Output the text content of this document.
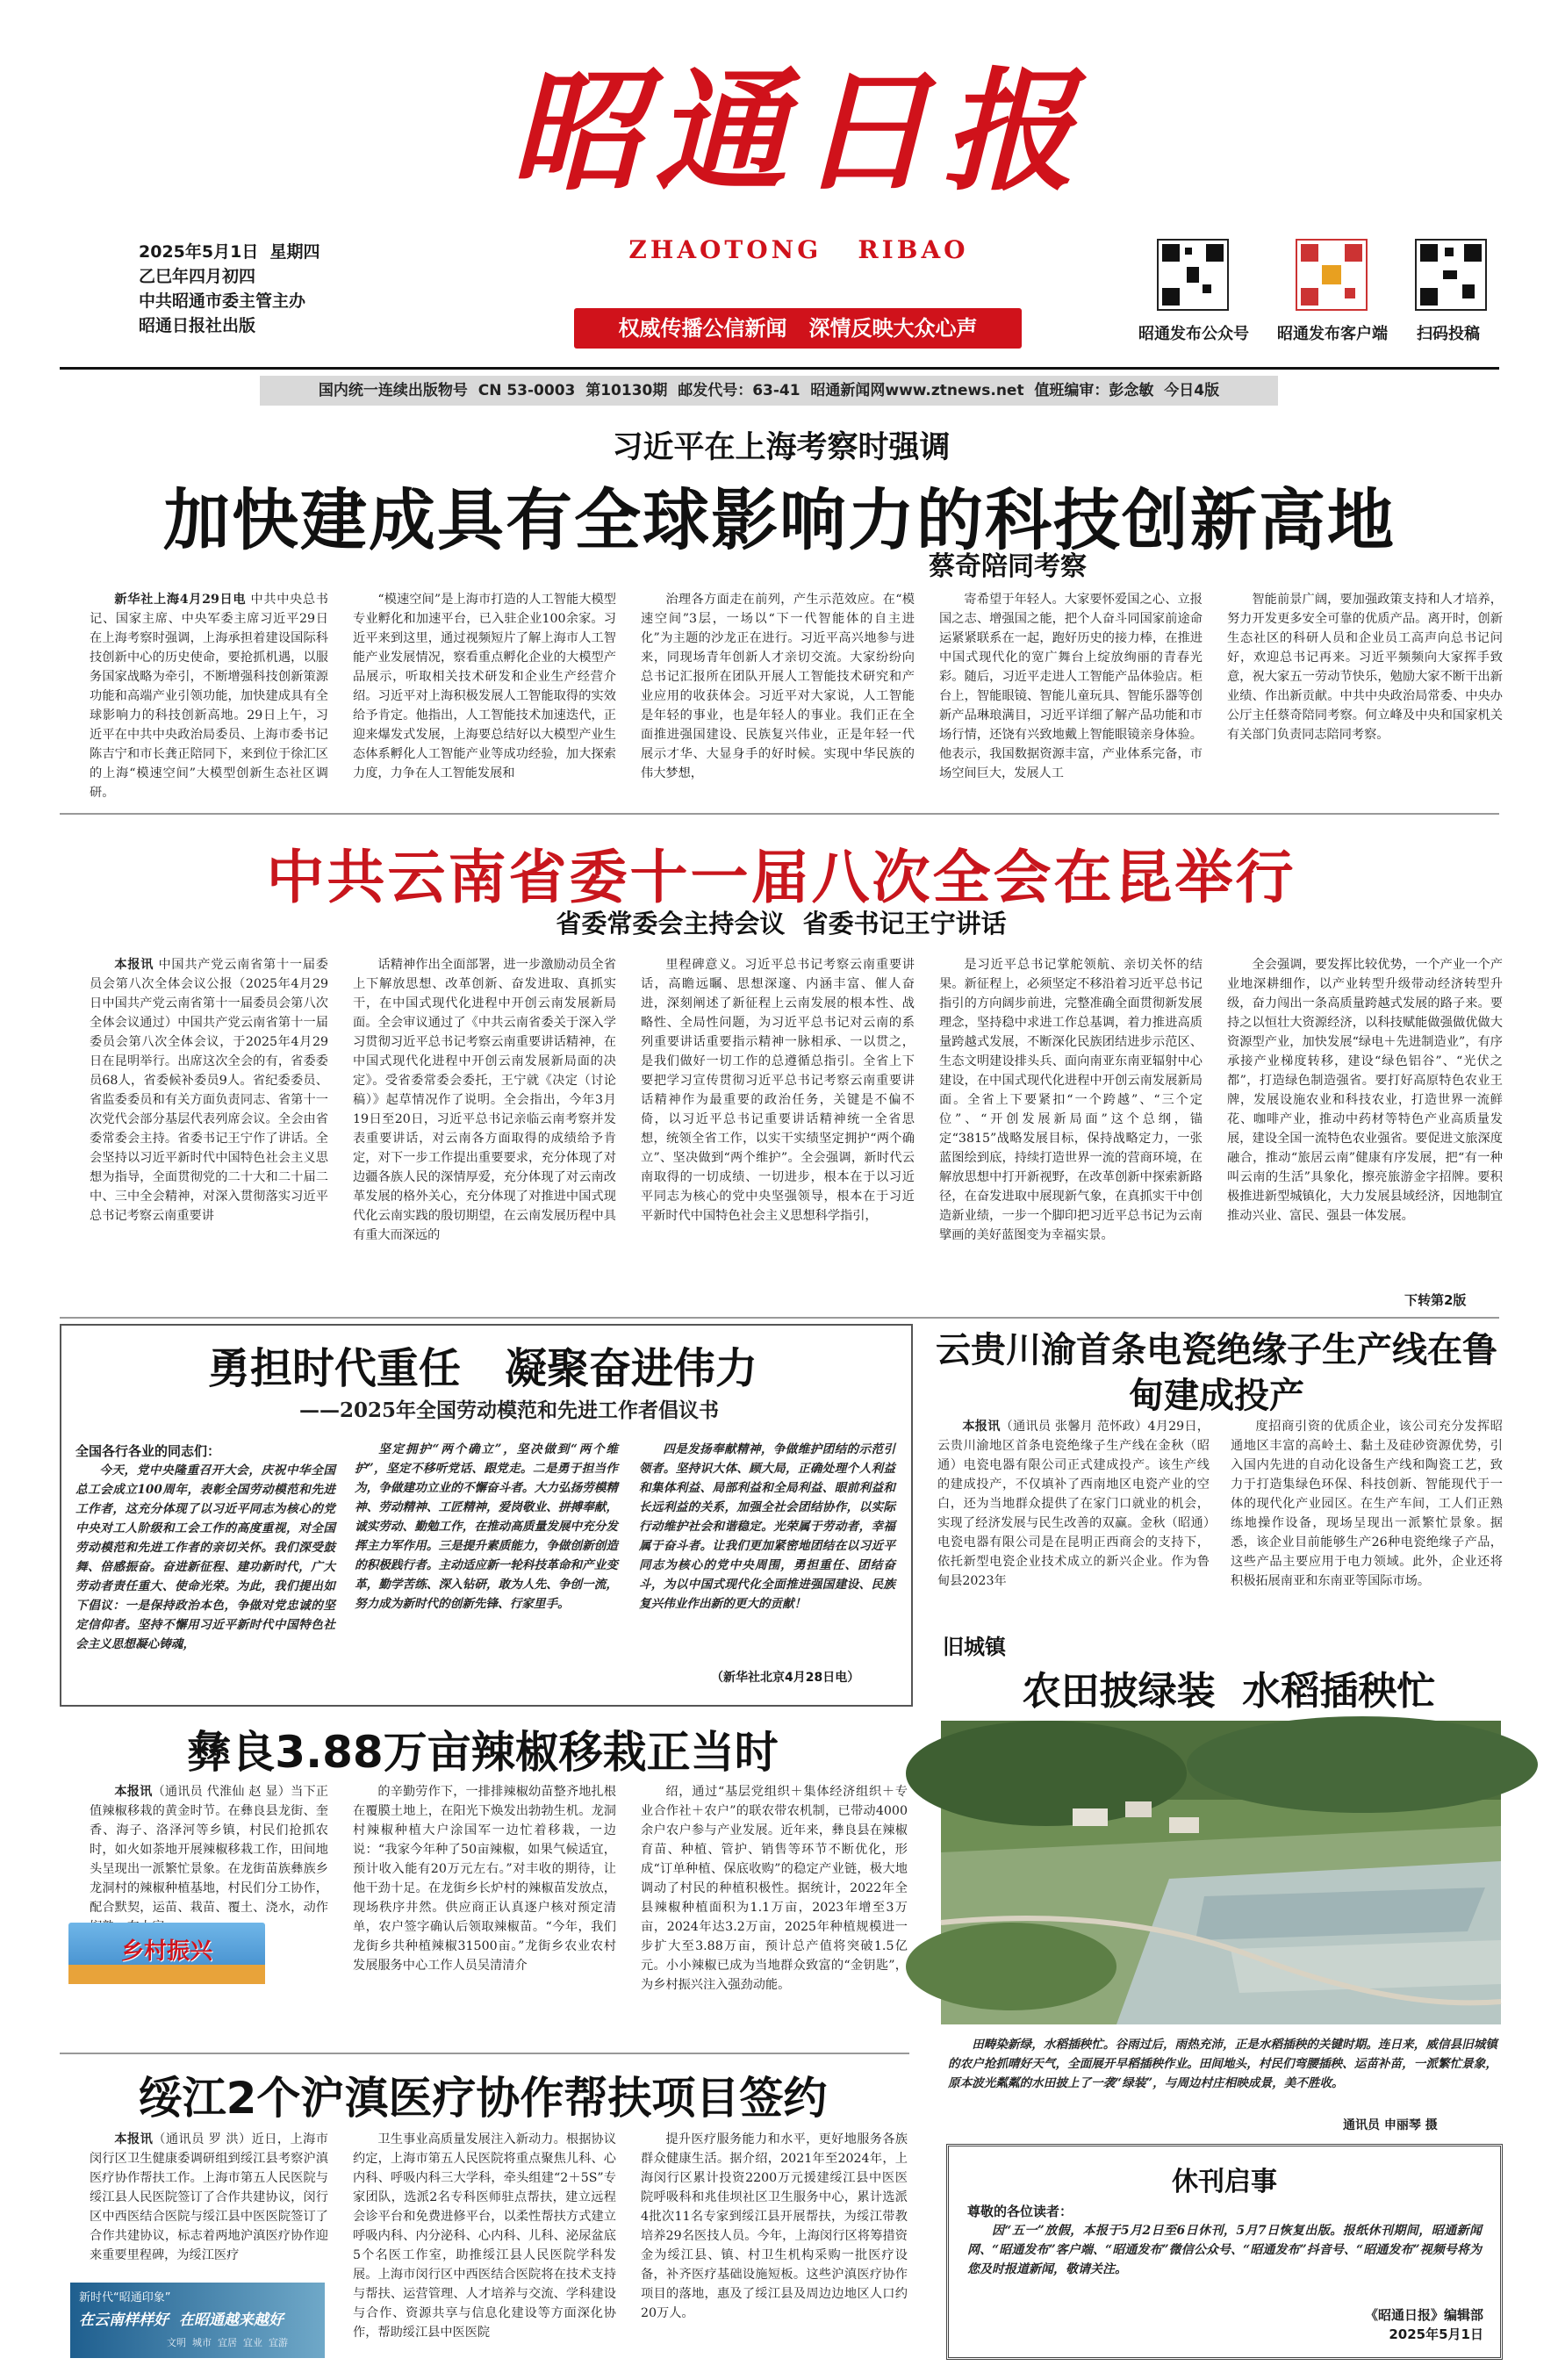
昭通日报
ZHAOTONG   RIBAO
2025年5月1日  星期四
乙巳年四月初四
中共昭通市委主管主办
昭通日报社出版	权威传播公信新闻   深情反映大众心声	昭通发布公众号	昭通发布客户端	扫码投稿
国内统一连续出版物号  CN 53-0003  第10130期  邮发代号：63-41  昭通新闻网www.ztnews.net  值班编审：彭念敏  今日4版
习近平在上海考察时强调
加快建成具有全球影响力的科技创新高地
蔡奇陪同考察

新华社上海4月29日电 中共中央总书记、国家主席、中央军委主席习近平29日在上海考察时强调，上海承担着建设国际科技创新中心的历史使命，要抢抓机遇，以服务国家战略为牵引，不断增强科技创新策源功能和高端产业引领功能，加快建成具有全球影响力的科技创新高地。29日上午，习近平在中共中央政治局委员、上海市委书记陈吉宁和市长龚正陪同下，来到位于徐汇区的上海“模速空间”大模型创新生态社区调研。

“模速空间”是上海市打造的人工智能大模型专业孵化和加速平台，已入驻企业100余家。习近平来到这里，通过视频短片了解上海市人工智能产业发展情况，察看重点孵化企业的大模型产品展示，听取相关技术研发和企业生产经营介绍。习近平对上海积极发展人工智能取得的实效给予肯定。他指出，人工智能技术加速迭代，正迎来爆发式发展，上海要总结好以大模型产业生态体系孵化人工智能产业等成功经验，加大探索力度，力争在人工智能发展和

治理各方面走在前列，产生示范效应。在“模速空间”3层，一场以“下一代智能体的自主进化”为主题的沙龙正在进行。习近平高兴地参与进来，同现场青年创新人才亲切交流。大家纷纷向总书记汇报所在团队开展人工智能技术研究和产业应用的收获体会。习近平对大家说，人工智能是年轻的事业，也是年轻人的事业。我们正在全面推进强国建设、民族复兴伟业，正是年轻一代展示才华、大显身手的好时候。实现中华民族的伟大梦想，

寄希望于年轻人。大家要怀爱国之心、立报国之志、增强国之能，把个人奋斗同国家前途命运紧紧联系在一起，跑好历史的接力棒，在推进中国式现代化的宽广舞台上绽放绚丽的青春光彩。随后，习近平走进人工智能产品体验店。柜台上，智能眼镜、智能儿童玩具、智能乐器等创新产品琳琅满目，习近平详细了解产品功能和市场行情，还饶有兴致地戴上智能眼镜亲身体验。他表示，我国数据资源丰富，产业体系完备，市场空间巨大，发展人工

智能前景广阔，要加强政策支持和人才培养，努力开发更多安全可靠的优质产品。离开时，创新生态社区的科研人员和企业员工高声向总书记问好，欢迎总书记再来。习近平频频向大家挥手致意，祝大家五一劳动节快乐，勉励大家不断干出新业绩、作出新贡献。中共中央政治局常委、中央办公厅主任蔡奇陪同考察。何立峰及中央和国家机关有关部门负责同志陪同考察。

中共云南省委十一届八次全会在昆举行
省委常委会主持会议  省委书记王宁讲话

本报讯 中国共产党云南省第十一届委员会第八次全体会议公报（2025年4月29日中国共产党云南省第十一届委员会第八次全体会议通过）中国共产党云南省第十一届委员会第八次全体会议，于2025年4月29日在昆明举行。出席这次全会的有，省委委员68人，省委候补委员9人。省纪委委员、省监委委员和有关方面负责同志、省第十一次党代会部分基层代表列席会议。全会由省委常委会主持。省委书记王宁作了讲话。全会坚持以习近平新时代中国特色社会主义思想为指导，全面贯彻党的二十大和二十届二中、三中全会精神，对深入贯彻落实习近平总书记考察云南重要讲

话精神作出全面部署，进一步激励动员全省上下解放思想、改革创新、奋发进取、真抓实干，在中国式现代化进程中开创云南发展新局面。全会审议通过了《中共云南省委关于深入学习贯彻习近平总书记考察云南重要讲话精神，在中国式现代化进程中开创云南发展新局面的决定》。受省委常委会委托，王宁就《决定（讨论稿）》起草情况作了说明。全会指出，今年3月19日至20日，习近平总书记亲临云南考察并发表重要讲话，对云南各方面取得的成绩给予肯定，对下一步工作提出重要要求，充分体现了对边疆各族人民的深情厚爱，充分体现了对云南改革发展的格外关心，充分体现了对推进中国式现代化云南实践的殷切期望，在云南发展历程中具有重大而深远的

里程碑意义。习近平总书记考察云南重要讲话，高瞻远瞩、思想深邃、内涵丰富、催人奋进，深刻阐述了新征程上云南发展的根本性、战略性、全局性问题，为习近平总书记对云南的系列重要讲话重要指示精神一脉相承、一以贯之，是我们做好一切工作的总遵循总指引。全省上下要把学习宣传贯彻习近平总书记考察云南重要讲话精神作为最重要的政治任务，关键是不偏不倚，以习近平总书记重要讲话精神统一全省思想，统领全省工作，以实干实绩坚定拥护“两个确立”、坚决做到“两个维护”。全会强调，新时代云南取得的一切成绩、一切进步，根本在于以习近平同志为核心的党中央坚强领导，根本在于习近平新时代中国特色社会主义思想科学指引，

是习近平总书记掌舵领航、亲切关怀的结果。新征程上，必须坚定不移沿着习近平总书记指引的方向阔步前进，完整准确全面贯彻新发展理念，坚持稳中求进工作总基调，着力推进高质量跨越式发展，不断深化民族团结进步示范区、生态文明建设排头兵、面向南亚东南亚辐射中心建设，在中国式现代化进程中开创云南发展新局面。全省上下要紧扣“一个跨越”、“三个定位”、“开创发展新局面”这个总纲，锚定“3815”战略发展目标，保持战略定力，一张蓝图绘到底，持续打造世界一流的营商环境，在解放思想中打开新视野，在改革创新中探索新路径，在奋发进取中展现新气象，在真抓实干中创造新业绩，一步一个脚印把习近平总书记为云南擘画的美好蓝图变为幸福实景。

全会强调，要发挥比较优势，一个产业一个产业地深耕细作，以产业转型升级带动经济转型升级，奋力闯出一条高质量跨越式发展的路子来。要持之以恒壮大资源经济，以科技赋能做强做优做大资源型产业，加快发展“绿电＋先进制造业”，有序承接产业梯度转移，建设“绿色铝谷”、“光伏之都”，打造绿色制造强省。要打好高原特色农业王牌，发展设施农业和科技农业，打造世界一流鲜花、咖啡产业，推动中药材等特色产业高质量发展，建设全国一流特色农业强省。要促进文旅深度融合，推动“旅居云南”健康有序发展，把“有一种叫云南的生活”具象化，擦亮旅游金字招牌。要积极推进新型城镇化，大力发展县域经济，因地制宜推动兴业、富民、强县一体发展。

下转第2版
勇担时代重任   凝聚奋进伟力
——2025年全国劳动模范和先进工作者倡议书
全国各行各业的同志们：

今天，党中央隆重召开大会，庆祝中华全国总工会成立100周年，表彰全国劳动模范和先进工作者，这充分体现了以习近平同志为核心的党中央对工人阶级和工会工作的高度重视，对全国劳动模范和先进工作者的亲切关怀。我们深受鼓舞、倍感振奋。奋进新征程、建功新时代，广大劳动者责任重大、使命光荣。为此，我们提出如下倡议：一是保持政治本色，争做对党忠诚的坚定信仰者。坚持不懈用习近平新时代中国特色社会主义思想凝心铸魂，

坚定拥护“两个确立”，坚决做到“两个维护”，坚定不移听党话、跟党走。二是勇于担当作为，争做建功立业的不懈奋斗者。大力弘扬劳模精神、劳动精神、工匠精神，爱岗敬业、拼搏奉献，诚实劳动、勤勉工作，在推动高质量发展中充分发挥主力军作用。三是提升素质能力，争做创新创造的积极践行者。主动适应新一轮科技革命和产业变革，勤学苦练、深入钻研，敢为人先、争创一流，努力成为新时代的创新先锋、行家里手。

四是发扬奉献精神，争做维护团结的示范引领者。坚持识大体、顾大局，正确处理个人利益和集体利益、局部利益和全局利益、眼前利益和长远利益的关系，加强全社会团结协作，以实际行动维护社会和谐稳定。光荣属于劳动者，幸福属于奋斗者。让我们更加紧密地团结在以习近平同志为核心的党中央周围，勇担重任、团结奋斗，为以中国式现代化全面推进强国建设、民族复兴伟业作出新的更大的贡献！

（新华社北京4月28日电）
云贵川渝首条电瓷绝缘子生产线在鲁甸建成投产

本报讯（通讯员 张馨月 范怀政）4月29日，云贵川渝地区首条电瓷绝缘子生产线在金秋（昭通）电瓷电器有限公司正式建成投产。该生产线的建成投产，不仅填补了西南地区电瓷产业的空白，还为当地群众提供了在家门口就业的机会，实现了经济发展与民生改善的双赢。金秋（昭通）电瓷电器有限公司是在昆明正西商会的支持下，依托新型电瓷企业技术成立的新兴企业。作为鲁甸县2023年

度招商引资的优质企业，该公司充分发挥昭通地区丰富的高岭土、黏土及硅砂资源优势，引入国内先进的自动化设备生产线和陶瓷工艺，致力于打造集绿色环保、科技创新、智能现代于一体的现代化产业园区。在生产车间，工人们正熟练地操作设备，现场呈现出一派繁忙景象。据悉，该企业目前能够生产26种电瓷绝缘子产品，这些产品主要应用于电力领域。此外，企业还将积极拓展南亚和东南亚等国际市场。

旧城镇
农田披绿装  水稻插秧忙

田畴染新绿，水稻插秧忙。谷雨过后，雨热充沛，正是水稻插秧的关键时期。连日来，威信县旧城镇的农户抢抓晴好天气，全面展开早稻插秧作业。田间地头，村民们弯腰插秧、运苗补苗，一派繁忙景象，原本波光粼粼的水田披上了一袭“绿装”，与周边村庄相映成景，美不胜收。

通讯员 申丽琴 摄
彝良3.88万亩辣椒移栽正当时

本报讯（通讯员 代淮仙 赵 显）当下正值辣椒移栽的黄金时节。在彝良县龙街、奎香、海子、洛泽河等乡镇，村民们抢抓农时，如火如荼地开展辣椒移栽工作，田间地头呈现出一派繁忙景象。在龙街苗族彝族乡龙洞村的辣椒种植基地，村民们分工协作，配合默契，运苗、栽苗、覆土、浇水，动作

乡村振兴

的辛勤劳作下，一排排辣椒幼苗整齐地扎根在覆膜土地上，在阳光下焕发出勃勃生机。龙洞村辣椒种植大户涂国军一边忙着移栽，一边说：“我家今年种了50亩辣椒，如果气候适宜，预计收入能有20万元左右。”对丰收的期待，让他干劲十足。在龙街乡长炉村的辣椒苗发放点，现场秩序井然。供应商正认真逐户核对预定清单，农户签字确认后领取辣椒苗。“今年，我们龙街乡共种植辣椒31500亩。”龙街乡农业农村发展服务中心工作人员吴清清介

绍，通过“基层党组织＋集体经济组织＋专业合作社＋农户”的联农带农机制，已带动4000余户农户参与产业发展。近年来，彝良县在辣椒育苗、种植、管护、销售等环节不断优化，形成“订单种植、保底收购”的稳定产业链，极大地调动了村民的种植积极性。据统计，2022年全县辣椒种植面积为1.1万亩，2023年增至3万亩，2024年达3.2万亩，2025年种植规模进一步扩大至3.88万亩，预计总产值将突破1.5亿元。小小辣椒已成为当地群众致富的“金钥匙”，为乡村振兴注入强劲动能。

绥江2个沪滇医疗协作帮扶项目签约

本报讯（通讯员 罗 洪）近日，上海市闵行区卫生健康委调研组到绥江县考察沪滇医疗协作帮扶工作。上海市第五人民医院与绥江县人民医院签订了合作共建协议，闵行区中西医结合医院与绥江县中医医院签订了合作共建协议，标志着两地沪滇医疗协作迎来重要里程碑，为绥江医疗

新时代“昭通印象”
在云南样样好  在昭通越来越好
文明  城市  宜居  宜业  宜游

卫生事业高质量发展注入新动力。根据协议约定，上海市第五人民医院将重点聚焦儿科、心内科、呼吸内科三大学科，牵头组建“2＋5S”专家团队，选派2名专科医师驻点帮扶，建立远程会诊平台和免费进修平台，以柔性帮扶方式建立呼吸内科、内分泌科、心内科、儿科、泌尿盆底5个名医工作室，助推绥江县人民医院学科发展。上海市闵行区中西医结合医院将在技术支持与帮扶、运营管理、人才培养与交流、学科建设与合作、资源共享与信息化建设等方面深化协作，帮助绥江县中医医院

提升医疗服务能力和水平，更好地服务各族群众健康生活。据介绍，2021年至2024年，上海闵行区累计投资2200万元援建绥江县中医医院呼吸科和兆佳坝社区卫生服务中心，累计选派4批次11名专家到绥江县开展帮扶，为绥江带教培养29名医技人员。今年，上海闵行区将筹措资金为绥江县、镇、村卫生机构采购一批医疗设备，补齐医疗基础设施短板。这些沪滇医疗协作项目的落地，惠及了绥江县及周边边地区人口约20万人。

休刊启事
尊敬的各位读者：

因“五一”放假，本报于5月2日至6日休刊，5月7日恢复出版。报纸休刊期间，昭通新闻网、“昭通发布”客户端、“昭通发布”微信公众号、“昭通发布”抖音号、“昭通发布”视频号将为您及时报道新闻，敬请关注。

《昭通日报》编辑部
2025年5月1日
